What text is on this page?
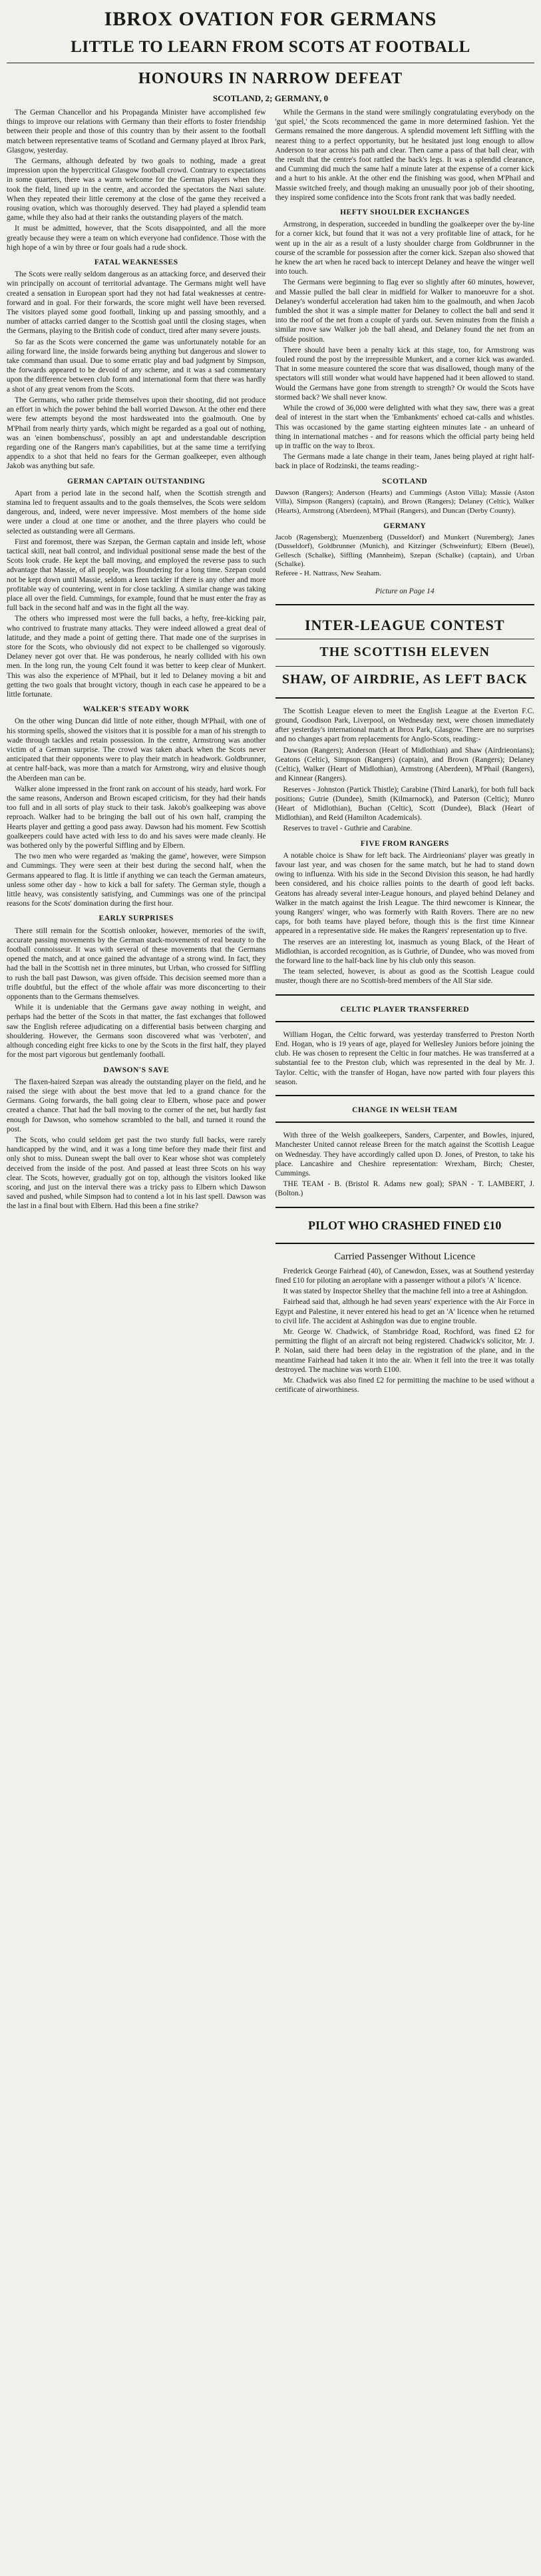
IBROX OVATION FOR GERMANS
LITTLE TO LEARN FROM SCOTS AT FOOTBALL
HONOURS IN NARROW DEFEAT
SCOTLAND, 2; GERMANY, 0

The German Chancellor and his Propaganda Minister have accomplished few things to improve our relations with Germany than their efforts to foster friendship between their people and those of this country than by their assent to the football match between representative teams of Scotland and Germany played at Ibrox Park, Glasgow, yesterday.

The Germans, although defeated by two goals to nothing, made a great impression upon the hypercritical Glasgow football crowd. Contrary to expectations in some quarters, there was a warm welcome for the German players when they took the field, lined up in the centre, and accorded the spectators the Nazi salute. When they repeated their little ceremony at the close of the game they received a rousing ovation, which was thoroughly deserved. They had played a splendid team game, while they also had at their ranks the outstanding players of the match.

It must be admitted, however, that the Scots disappointed, and all the more greatly because they were a team on which everyone had confidence. Those with the high hope of a win by three or four goals had a rude shock.

FATAL WEAKNESSES

The Scots were really seldom dangerous as an attacking force, and deserved their win principally on account of territorial advantage. The Germans might well have created a sensation in European sport had they not had fatal weaknesses at centre-forward and in goal. For their forwards, the score might well have been reversed. The visitors played some good football, linking up and passing smoothly, and a number of attacks carried danger to the Scottish goal until the closing stages, when the Germans, playing to the British code of conduct, tired after many severe jousts.

So far as the Scots were concerned the game was unfortunately notable for an ailing forward line, the inside forwards being anything but dangerous and slower to take command than usual. Due to some erratic play and bad judgment by Simpson, the forwards appeared to be devoid of any scheme, and it was a sad commentary upon the difference between club form and international form that there was hardly a shot of any great venom from the Scots.

The Germans, who rather pride themselves upon their shooting, did not produce an effort in which the power behind the ball worried Dawson. At the other end there were few attempts beyond the most hardsweated into the goalmouth. One by M'Phail from nearly thirty yards, which might be regarded as a goal out of nothing, was an 'einen bombenschuss', possibly an apt and understandable description regarding one of the Rangers man's capabilities, but at the same time a terrifying appendix to a shot that held no fears for the German goalkeeper, even although Jakob was anything but safe.

GERMAN CAPTAIN OUTSTANDING

Apart from a period late in the second half, when the Scottish strength and stamina led to frequent assaults and to the goals themselves, the Scots were seldom dangerous, and, indeed, were never impressive. Most members of the home side were under a cloud at one time or another, and the three players who could be selected as outstanding were all Germans.

First and foremost, there was Szepan, the German captain and inside left, whose tactical skill, neat ball control, and individual positional sense made the best of the Scots look crude. He kept the ball moving, and employed the reverse pass to such advantage that Massie, of all people, was floundering for a long time. Szepan could not be kept down until Massie, seldom a keen tackler if there is any other and more profitable way of countering, went in for close tackling. A similar change was taking place all over the field. Cummings, for example, found that he must enter the fray as full back in the second half and was in the fight all the way.

The others who impressed most were the full backs, a hefty, free-kicking pair, who contrived to frustrate many attacks. They were indeed allowed a great deal of latitude, and they made a point of getting there. That made one of the surprises in store for the Scots, who obviously did not expect to be challenged so vigorously. Delaney never got over that. He was ponderous, he nearly collided with his own men. In the long run, the young Celt found it was better to keep clear of Munkert. This was also the experience of M'Phail, but it led to Delaney moving a bit and getting the two goals that brought victory, though in each case he appeared to be a little fortunate.

WALKER'S STEADY WORK

On the other wing Duncan did little of note either, though M'Phail, with one of his storming spells, showed the visitors that it is possible for a man of his strength to wade through tackles and retain possession. In the centre, Armstrong was another victim of a German surprise. The crowd was taken aback when the Scots never anticipated that their opponents were to play their match in headwork. Goldbrunner, at centre half-back, was more than a match for Armstrong, wiry and elusive though the Aberdeen man can be.

Walker alone impressed in the front rank on account of his steady, hard work. For the same reasons, Anderson and Brown escaped criticism, for they had their hands too full and in all sorts of play stuck to their task. Jakob's goalkeeping was above reproach. Walker had to be bringing the ball out of his own half, cramping the Hearts player and getting a good pass away. Dawson had his moment. Few Scottish goalkeepers could have acted with less to do and his saves were made cleanly. He was bothered only by the powerful Siffling and by Elbern.

The two men who were regarded as 'making the game', however, were Simpson and Cummings. They were seen at their best during the second half, when the Germans appeared to flag. It is little if anything we can teach the German amateurs, unless some other day - how to kick a ball for safety. The German style, though a little heavy, was consistently satisfying, and Cummings was one of the principal reasons for the Scots' domination during the first hour.

EARLY SURPRISES

There still remain for the Scottish onlooker, however, memories of the swift, accurate passing movements by the German stack-movements of real beauty to the football connoisseur. It was with several of these movements that the Germans opened the match, and at once gained the advantage of a strong wind. In fact, they had the ball in the Scottish net in three minutes, but Urban, who crossed for Siffling to rush the ball past Dawson, was given offside. This decision seemed more than a trifle doubtful, but the effect of the whole affair was more disconcerting to their opponents than to the Germans themselves.

While it is undeniable that the Germans gave away nothing in weight, and perhaps had the better of the Scots in that matter, the fast exchanges that followed saw the English referee adjudicating on a differential basis between charging and shouldering. However, the Germans soon discovered what was 'verboten', and although conceding eight free kicks to one by the Scots in the first half, they played for the most part vigorous but gentlemanly football.

DAWSON'S SAVE

The flaxen-haired Szepan was already the outstanding player on the field, and he raised the siege with about the best move that led to a grand chance for the Germans. Going forwards, the ball going clear to Elbern, whose pace and power created a chance. That had the ball moving to the corner of the net, but hardly fast enough for Dawson, who somehow scrambled to the ball, and turned it round the post.

The Scots, who could seldom get past the two sturdy full backs, were rarely handicapped by the wind, and it was a long time before they made their first and only shot to miss. Dunean swept the ball over to Kear whose shot was completely deceived from the inside of the post. And passed at least three Scots on his way clear. The Scots, however, gradually got on top, although the visitors looked like scoring, and just on the interval there was a tricky pass to Elbern which Dawson saved and pushed, while Simpson had to contend a lot in his last spell. Dawson was the last in a final bout with Elbern. Had this been a fine strike?

While the Germans in the stand were smilingly congratulating everybody on the 'gut spiel,' the Scots recommenced the game in more determined fashion. Yet the Germans remained the more dangerous. A splendid movement left Siffling with the nearest thing to a perfect opportunity, but he hesitated just long enough to allow Anderson to tear across his path and clear. Then came a pass of that ball clear, with the result that the centre's foot rattled the back's legs. It was a splendid clearance, and Cumming did much the same half a minute later at the expense of a corner kick and a hurt to his ankle. At the other end the finishing was good, when M'Phail and Massie switched freely, and though making an unusually poor job of their shooting, they inspired some confidence into the Scots front rank that was badly needed.

HEFTY SHOULDER EXCHANGES

Armstrong, in desperation, succeeded in bundling the goalkeeper over the by-line for a corner kick, but found that it was not a very profitable line of attack, for he went up in the air as a result of a lusty shoulder charge from Goldbrunner in the course of the scramble for possession after the corner kick. Szepan also showed that he knew the art when he raced back to intercept Delaney and heave the winger well into touch.

The Germans were beginning to flag ever so slightly after 60 minutes, however, and Massie pulled the ball clear in midfield for Walker to manoeuvre for a shot. Delaney's wonderful acceleration had taken him to the goalmouth, and when Jacob fumbled the shot it was a simple matter for Delaney to collect the ball and send it into the roof of the net from a couple of yards out. Seven minutes from the finish a similar move saw Walker job the ball ahead, and Delaney found the net from an offside position.

There should have been a penalty kick at this stage, too, for Armstrong was fouled round the post by the irrepressible Munkert, and a corner kick was awarded. That in some measure countered the score that was disallowed, though many of the spectators will still wonder what would have happened had it been allowed to stand. Would the Germans have gone from strength to strength? Or would the Scots have stormed back? We shall never know.

While the crowd of 36,000 were delighted with what they saw, there was a great deal of interest in the start when the 'Embankments' echoed cat-calls and whistles. This was occasioned by the game starting eighteen minutes late - an unheard of thing in international matches - and for reasons which the official party being held up in traffic on the way to Ibrox.

The Germans made a late change in their team, Janes being played at right half-back in place of Rodzinski, the teams reading:-

SCOTLAND
Dawson (Rangers); Anderson (Hearts) and Cummings (Aston Villa); Massie (Aston Villa), Simpson (Rangers) (captain), and Brown (Rangers); Delaney (Celtic), Walker (Hearts), Armstrong (Aberdeen), M'Phail (Rangers), and Duncan (Derby County).
GERMANY
Jacob (Ragensberg); Muenzenberg (Dusseldorf) and Munkert (Nuremberg); Janes (Dusseldorf), Goldbrunner (Munich), and Kitzinger (Schweinfurt); Elbern (Beuel), Gellesch (Schalke), Siffling (Mannheim), Szepan (Schalke) (captain), and Urban (Schalke).
Referee - H. Nattrass, New Seaham.
Picture on Page 14
INTER-LEAGUE CONTEST
THE SCOTTISH ELEVEN
SHAW, OF AIRDRIE, AS LEFT BACK

The Scottish League eleven to meet the English League at the Everton F.C. ground, Goodison Park, Liverpool, on Wednesday next, were chosen immediately after yesterday's international match at Ibrox Park, Glasgow. There are no surprises and no changes apart from replacements for Anglo-Scots, reading:-

Dawson (Rangers); Anderson (Heart of Midlothian) and Shaw (Airdrieonians); Geatons (Celtic), Simpson (Rangers) (captain), and Brown (Rangers); Delaney (Celtic), Walker (Heart of Midlothian), Armstrong (Aberdeen), M'Phail (Rangers), and Kinnear (Rangers).

Reserves - Johnston (Partick Thistle); Carabine (Third Lanark), for both full back positions; Gutrie (Dundee), Smith (Kilmarnock), and Paterson (Celtic); Munro (Heart of Midlothian), Buchan (Celtic), Scott (Dundee), Black (Heart of Midlothian), and Reid (Hamilton Academicals).

Reserves to travel - Guthrie and Carabine.

FIVE FROM RANGERS

A notable choice is Shaw for left back. The Airdrieonians' player was greatly in favour last year, and was chosen for the same match, but he had to stand down owing to influenza. With his side in the Second Division this season, he had hardly been considered, and his choice rallies points to the dearth of good left backs. Geatons has already several inter-League honours, and played behind Delaney and Walker in the match against the Irish League. The third newcomer is Kinnear, the young Rangers' winger, who was formerly with Raith Rovers. There are no new caps, for both teams have played before, though this is the first time Kinnear appeared in a representative side. He makes the Rangers' representation up to five.

The reserves are an interesting lot, inasmuch as young Black, of the Heart of Midlothian, is accorded recognition, as is Guthrie, of Dundee, who was moved from the forward line to the half-back line by his club only this season.

The team selected, however, is about as good as the Scottish League could muster, though there are no Scottish-bred members of the All Star side.

CELTIC PLAYER TRANSFERRED

William Hogan, the Celtic forward, was yesterday transferred to Preston North End. Hogan, who is 19 years of age, played for Wellesley Juniors before joining the club. He was chosen to represent the Celtic in four matches. He was transferred at a substantial fee to the Preston club, which was represented in the deal by Mr. J. Taylor. Celtic, with the transfer of Hogan, have now parted with four players this season.

CHANGE IN WELSH TEAM

With three of the Welsh goalkeepers, Sanders, Carpenter, and Bowles, injured, Manchester United cannot release Breen for the match against the Scottish League on Wednesday. They have accordingly called upon D. Jones, of Preston, to take his place. Lancashire and Cheshire representation: Wrexham, Birch; Chester, Cummings.

THE TEAM - B. (Bristol R. Adams new goal); SPAN - T. LAMBERT, J. (Bolton.)

PILOT WHO CRASHED FINED £10
Carried Passenger Without Licence

Frederick George Fairhead (40), of Canewdon, Essex, was at Southend yesterday fined £10 for piloting an aeroplane with a passenger without a pilot's 'A' licence.

It was stated by Inspector Shelley that the machine fell into a tree at Ashingdon.

Fairhead said that, although he had seven years' experience with the Air Force in Egypt and Palestine, it never entered his head to get an 'A' licence when he returned to civil life. The accident at Ashingdon was due to engine trouble.

Mr. George W. Chadwick, of Stambridge Road, Rochford, was fined £2 for permitting the flight of an aircraft not being registered. Chadwick's solicitor, Mr. J. P. Nolan, said there had been delay in the registration of the plane, and in the meantime Fairhead had taken it into the air. When it fell into the tree it was totally destroyed. The machine was worth £100.

Mr. Chadwick was also fined £2 for permitting the machine to be used without a certificate of airworthiness.
